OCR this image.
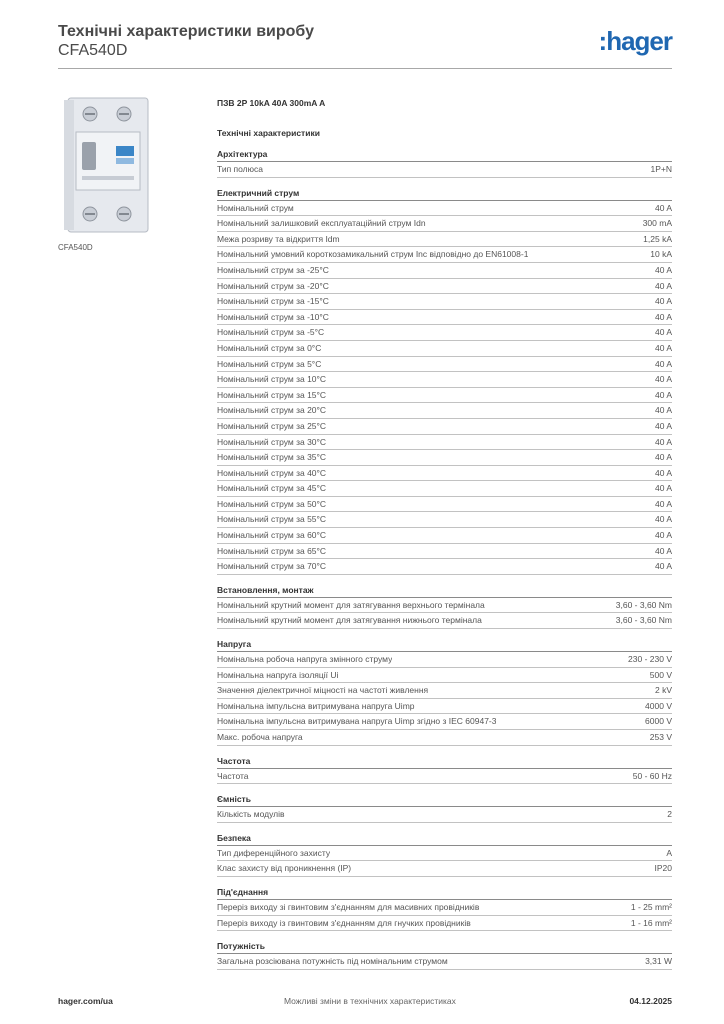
Технічні характеристики виробу
CFA540D	:hager
CFA540D
ПЗВ 2P 10kA 40A 300mA A
Технічні характеристики
Архітектура
Тип полюса	1P+N
Електричний струм
Номінальний струм	40 A
Номінальний залишковий експлуатаційний струм Idn	300 mA
Межа розриву та відкриття Idm	1,25 kA
Номінальний умовний короткозамикальний струм Inc відповідно до EN61008-1	10 kA
Номінальний струм за -25°C	40 A
Номінальний струм за -20°C	40 A
Номінальний струм за -15°C	40 A
Номінальний струм за -10°C	40 A
Номінальний струм за -5°C	40 A
Номінальний струм за 0°C	40 A
Номінальний струм за 5°C	40 A
Номінальний струм за 10°C	40 A
Номінальний струм за 15°C	40 A
Номінальний струм за 20°C	40 A
Номінальний струм за 25°C	40 A
Номінальний струм за 30°C	40 A
Номінальний струм за 35°C	40 A
Номінальний струм за 40°C	40 A
Номінальний струм за 45°C	40 A
Номінальний струм за 50°C	40 A
Номінальний струм за 55°C	40 A
Номінальний струм за 60°C	40 A
Номінальний струм за 65°C	40 A
Номінальний струм за 70°C	40 A
Встановлення, монтаж
Номінальний крутний момент для затягування верхнього термінала	3,60 - 3,60 Nm
Номінальний крутний момент для затягування нижнього термінала	3,60 - 3,60 Nm
Напруга
Номінальна робоча напруга змінного струму	230 - 230 V
Номінальна напруга ізоляції Ui	500 V
Значення діелектричної міцності на частоті живлення	2 kV
Номінальна імпульсна витримувана напруга Uimp	4000 V
Номінальна імпульсна витримувана напруга Uimp згідно з IEC 60947-3	6000 V
Макс. робоча напруга	253 V
Частота
Частота	50 - 60 Hz
Ємність
Кількість модулів	2
Безпека
Тип диференційного захисту	A
Клас захисту від проникнення (IP)	IP20
Під'єднання
Переріз виходу зі гвинтовим з'єднанням для масивних провідників	1 - 25 mm²
Переріз виходу із гвинтовим з'єднанням для гнучких провідників	1 - 16 mm²
Потужність
Загальна розсіювана потужність під номінальним струмом	3,31 W
hager.com/ua	Можливі зміни в технічних характеристиках	04.12.2025
